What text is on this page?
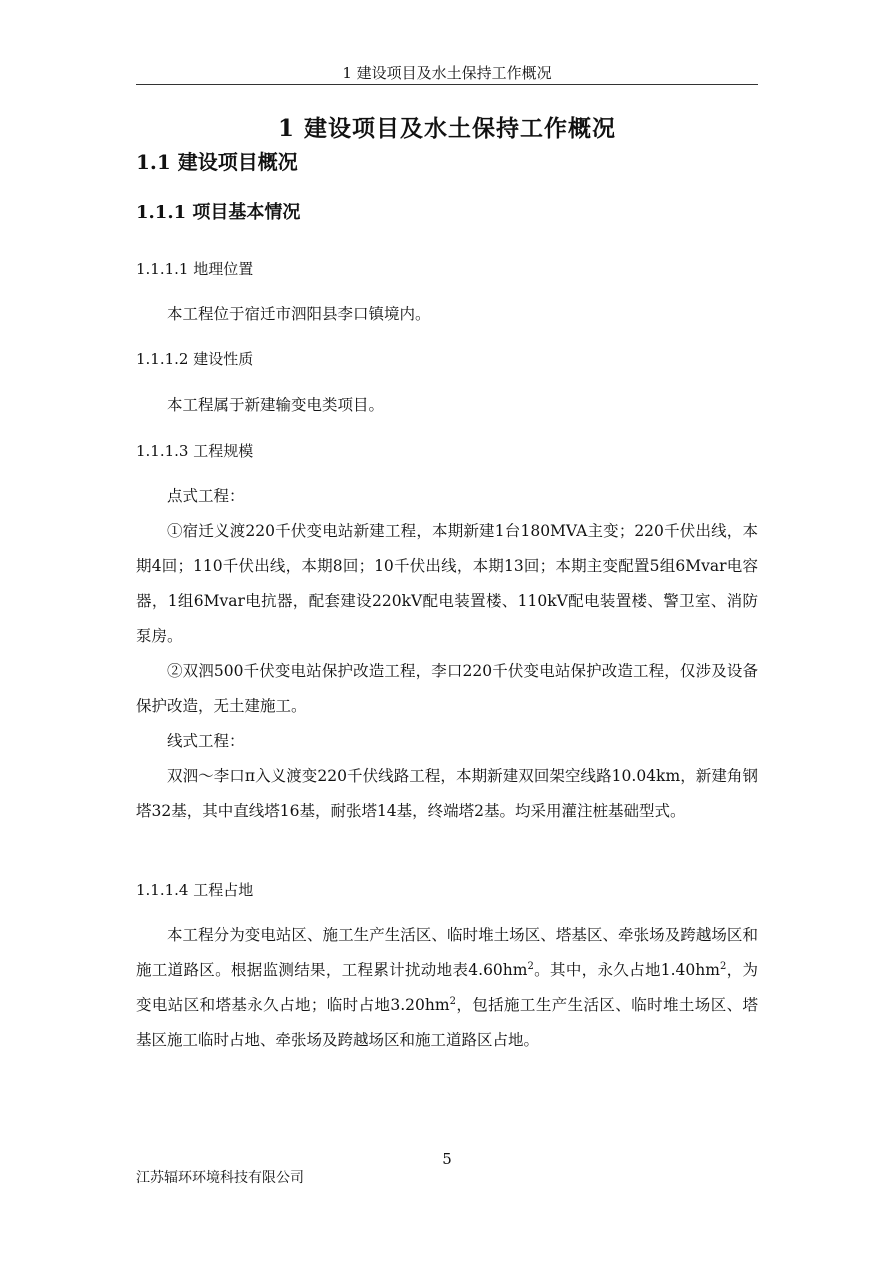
1 建设项目及水土保持工作概况
1 建设项目及水土保持工作概况
1.1 建设项目概况
1.1.1 项目基本情况
1.1.1.1 地理位置

本工程位于宿迁市泗阳县李口镇境内。

1.1.1.2 建设性质

本工程属于新建输变电类项目。

1.1.1.3 工程规模

点式工程：

①宿迁义渡220千伏变电站新建工程，本期新建1台180MVA主变；220千伏出线，本期4回；110千伏出线，本期8回；10千伏出线，本期13回；本期主变配置5组6Mvar电容器，1组6Mvar电抗器，配套建设220kV配电装置楼、110kV配电装置楼、警卫室、消防泵房。

②双泗500千伏变电站保护改造工程，李口220千伏变电站保护改造工程，仅涉及设备保护改造，无土建施工。

线式工程：

双泗～李口π入义渡变220千伏线路工程，本期新建双回架空线路10.04km，新建角钢塔32基，其中直线塔16基，耐张塔14基，终端塔2基。均采用灌注桩基础型式。

1.1.1.4 工程占地

本工程分为变电站区、施工生产生活区、临时堆土场区、塔基区、牵张场及跨越场区和施工道路区。根据监测结果，工程累计扰动地表$4.60hm^2$。其中，永久占地$1.40hm^2$，为变电站区和塔基永久占地；临时占地$3.20hm^2$，包括施工生产生活区、临时堆土场区、塔基区施工临时占地、牵张场及跨越场区和施工道路区占地。

5
江苏辐环环境科技有限公司
